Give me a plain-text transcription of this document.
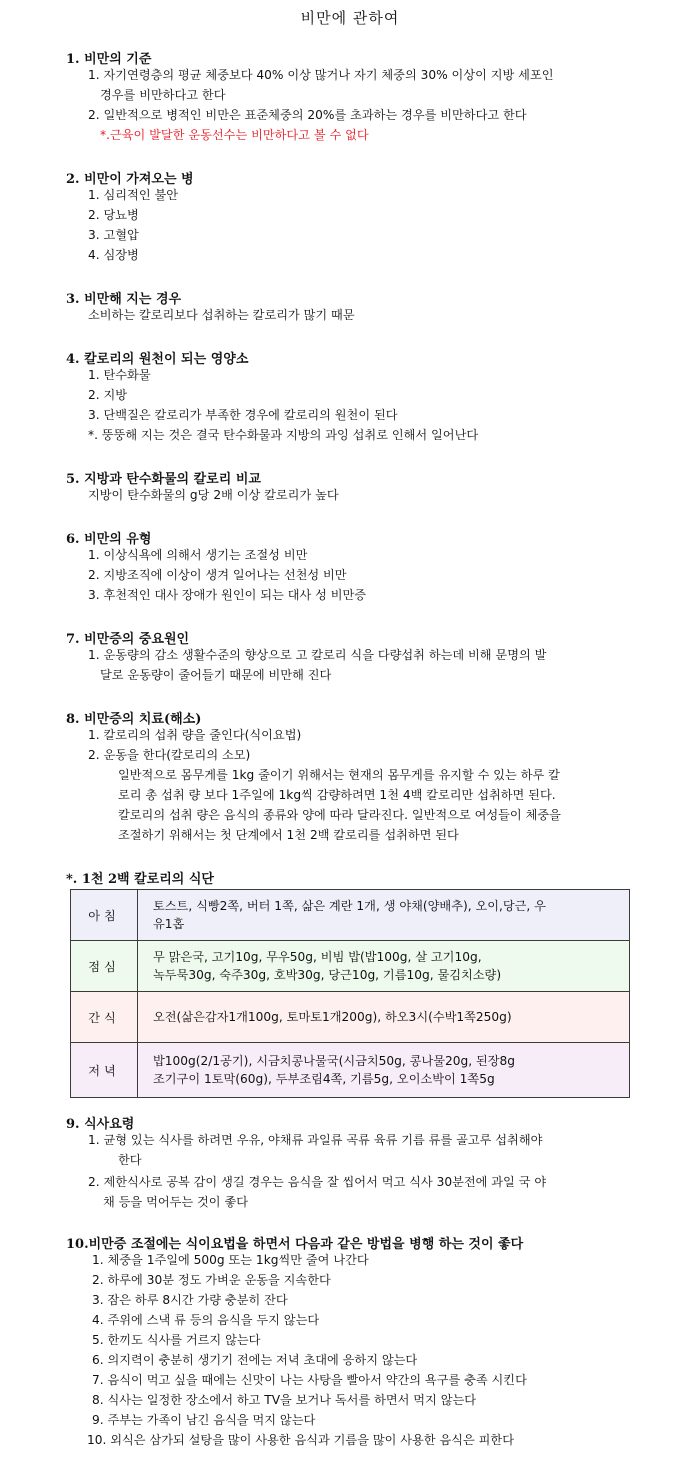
비만에 관하여
1. 비만의 기준
1. 자기연령층의 평균 체중보다 40% 이상 많거나 자기 체중의 30% 이상이 지방 세포인
경우를 비만하다고 한다
2. 일반적으로 병적인 비만은 표준체중의 20%를 초과하는 경우를 비만하다고 한다
*.근육이 발달한 운동선수는 비만하다고 볼 수 없다
2. 비만이 가져오는 병
1. 심리적인 불안
2. 당뇨병
3. 고혈압
4. 심장병
3. 비만해 지는 경우
소비하는 칼로리보다 섭취하는 칼로리가 많기 때문
4. 칼로리의 원천이 되는 영양소
1. 탄수화물
2. 지방
3. 단백질은 칼로리가 부족한 경우에 칼로리의 원천이 된다
*. 뚱뚱해 지는 것은 결국 탄수화물과 지방의 과잉 섭취로 인해서 일어난다
5. 지방과 탄수화물의 칼로리 비교
지방이 탄수화물의 g당 2배 이상 칼로리가 높다
6. 비만의 유형
1. 이상식욕에 의해서 생기는 조절성 비만
2. 지방조직에 이상이 생겨 일어나는 선천성 비만
3. 후천적인 대사 장애가 원인이 되는 대사 성 비만증
7. 비만증의 중요원인
1. 운동량의 감소 생활수준의 향상으로 고 칼로리 식을 다량섭취 하는데 비해 문명의 발
달로 운동량이 줄어들기 때문에 비만해 진다
8. 비만증의 치료(해소)
1. 칼로리의 섭취 량을 줄인다(식이요법)
2. 운동을 한다(칼로리의 소모)
일반적으로 몸무게를 1kg 줄이기 위해서는 현재의 몸무게를 유지할 수 있는 하루 칼
로리 총 섭취 량 보다 1주일에 1kg씩 감량하려면 1천 4백 칼로리만 섭취하면 된다.
칼로리의 섭취 량은 음식의 종류와 양에 따라 달라진다. 일반적으로 여성들이 체중을
조절하기 위해서는 첫 단계에서 1천 2백 칼로리를 섭취하면 된다
*. 1천 2백 칼로리의 식단
아침	토스트, 식빵2쪽, 버터 1쪽, 삶은 계란 1개, 생 야채(양배추), 오이,당근, 우
유1홉
점심	무 맑은국, 고기10g, 무우50g, 비빔 밥(밥100g, 살 고기10g,
녹두묵30g, 숙주30g, 호박30g, 당근10g, 기름10g, 물김치소량)
간식	오전(삶은감자1개100g, 토마토1개200g), 하오3시(수박1쪽250g)
저녁	밥100g(2/1공기), 시금치콩나물국(시금치50g, 콩나물20g, 된장8g
조기구이 1토막(60g), 두부조림4쪽, 기름5g, 오이소박이 1쪽5g
9. 식사요령
1. 균형 있는 식사를 하려면 우유, 야채류 과일류 곡류 육류 기름 류를 골고루 섭취해야
한다
2. 제한식사로 공복 감이 생길 경우는 음식을 잘 씹어서 먹고 식사 30분전에 과일 국 야
채 등을 먹어두는 것이 좋다
10.비만증 조절에는 식이요법을 하면서 다음과 같은 방법을 병행 하는 것이 좋다
1. 체중을 1주일에 500g 또는 1kg씩만 줄여 나간다
2. 하루에 30분 정도 가벼운 운동을 지속한다
3. 잠은 하루 8시간 가량 충분히 잔다
4. 주위에 스낵 류 등의 음식을 두지 않는다
5. 한끼도 식사를 거르지 않는다
6. 의지력이 충분히 생기기 전에는 저녁 초대에 응하지 않는다
7. 음식이 먹고 싶을 때에는 신맛이 나는 사탕을 빨아서 약간의 욕구를 충족 시킨다
8. 식사는 일정한 장소에서 하고 TV을 보거나 독서를 하면서 먹지 않는다
9. 주부는 가족이 남긴 음식을 먹지 않는다
10. 외식은 삼가되 설탕을 많이 사용한 음식과 기름을 많이 사용한 음식은 피한다
